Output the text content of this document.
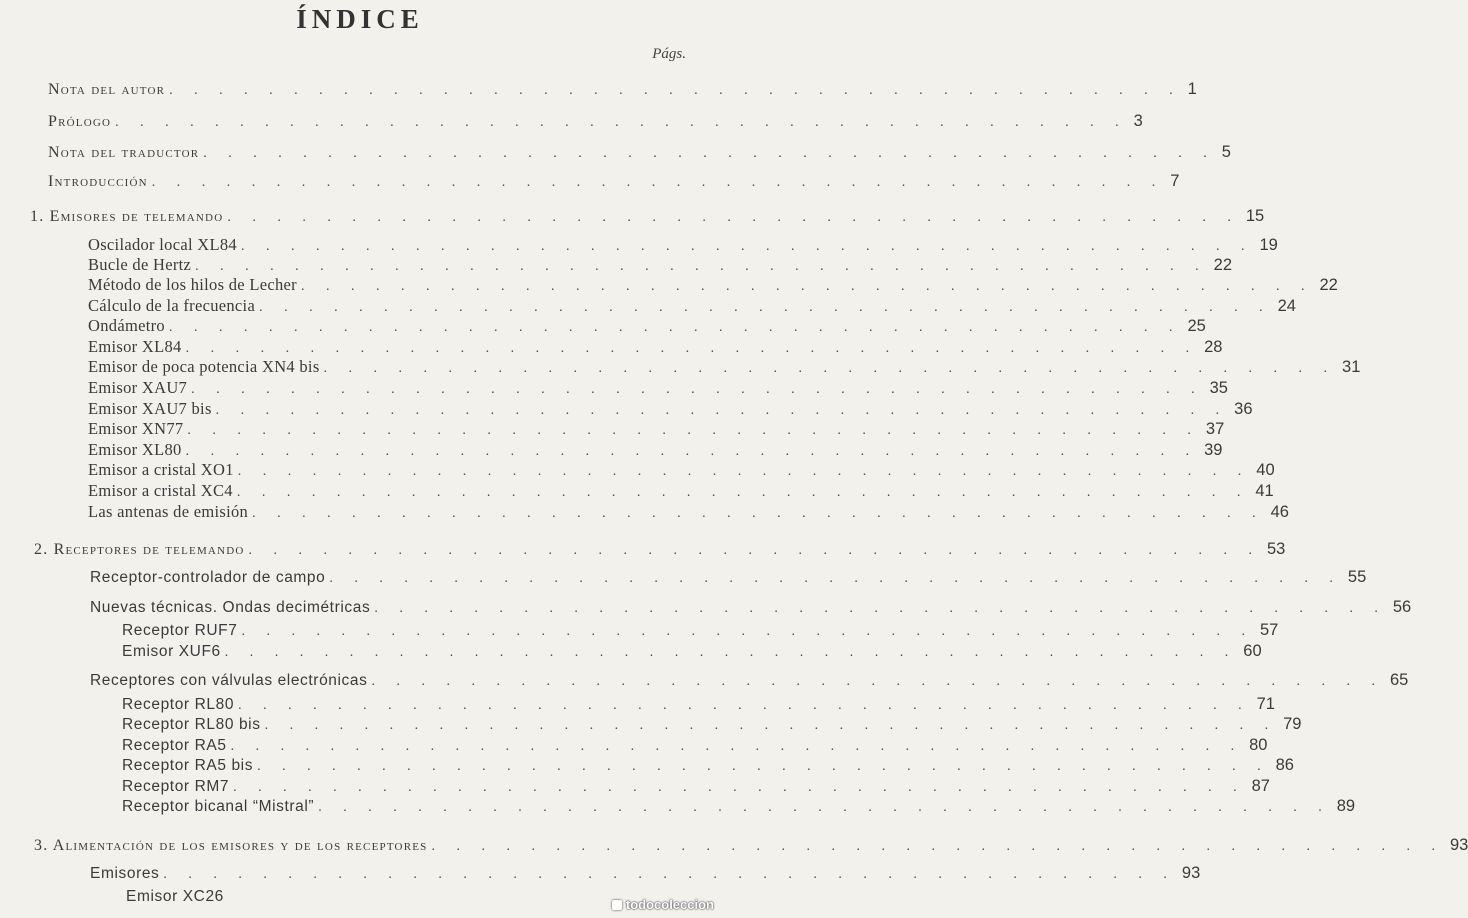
ÍNDICE
Págs.
Nota del autor . . . . . . . . . . . . . . . . . . . . . . . . . . . . . . . . . . . . . . . . . 1
Prólogo . . . . . . . . . . . . . . . . . . . . . . . . . . . . . . . . . . . . . . . . . 3
Nota del traductor . . . . . . . . . . . . . . . . . . . . . . . . . . . . . . . . . . . . . . . . . 5
Introducción . . . . . . . . . . . . . . . . . . . . . . . . . . . . . . . . . . . . . . . . . 7
1. Emisores de telemando . . . . . . . . . . . . . . . . . . . . . . . . . . . . . . . . . . . . . . . . . 15
Oscilador local XL84 . . . . . . . . . . . . . . . . . . . . . . . . . . . . . . . . . . . . . . . . . 19
Bucle de Hertz . . . . . . . . . . . . . . . . . . . . . . . . . . . . . . . . . . . . . . . . . 22
Método de los hilos de Lecher . . . . . . . . . . . . . . . . . . . . . . . . . . . . . . . . . . . . . . . . . 22
Cálculo de la frecuencia . . . . . . . . . . . . . . . . . . . . . . . . . . . . . . . . . . . . . . . . . 24
Ondámetro . . . . . . . . . . . . . . . . . . . . . . . . . . . . . . . . . . . . . . . . . 25
Emisor XL84 . . . . . . . . . . . . . . . . . . . . . . . . . . . . . . . . . . . . . . . . . 28
Emisor de poca potencia XN4 bis . . . . . . . . . . . . . . . . . . . . . . . . . . . . . . . . . . . . . . . . . 31
Emisor XAU7 . . . . . . . . . . . . . . . . . . . . . . . . . . . . . . . . . . . . . . . . . 35
Emisor XAU7 bis . . . . . . . . . . . . . . . . . . . . . . . . . . . . . . . . . . . . . . . . . 36
Emisor XN77 . . . . . . . . . . . . . . . . . . . . . . . . . . . . . . . . . . . . . . . . . 37
Emisor XL80 . . . . . . . . . . . . . . . . . . . . . . . . . . . . . . . . . . . . . . . . . 39
Emisor a cristal XO1 . . . . . . . . . . . . . . . . . . . . . . . . . . . . . . . . . . . . . . . . . 40
Emisor a cristal XC4 . . . . . . . . . . . . . . . . . . . . . . . . . . . . . . . . . . . . . . . . . 41
Las antenas de emisión . . . . . . . . . . . . . . . . . . . . . . . . . . . . . . . . . . . . . . . . . 46
2. Receptores de telemando . . . . . . . . . . . . . . . . . . . . . . . . . . . . . . . . . . . . . . . . . 53
Receptor-controlador de campo . . . . . . . . . . . . . . . . . . . . . . . . . . . . . . . . . . . . . . . . . 55
Nuevas técnicas. Ondas decimétricas . . . . . . . . . . . . . . . . . . . . . . . . . . . . . . . . . . . . . . . . . 56
Receptor RUF7 . . . . . . . . . . . . . . . . . . . . . . . . . . . . . . . . . . . . . . . . . 57
Emisor XUF6 . . . . . . . . . . . . . . . . . . . . . . . . . . . . . . . . . . . . . . . . . 60
Receptores con válvulas electrónicas . . . . . . . . . . . . . . . . . . . . . . . . . . . . . . . . . . . . . . . . . 65
Receptor RL80 . . . . . . . . . . . . . . . . . . . . . . . . . . . . . . . . . . . . . . . . . 71
Receptor RL80 bis . . . . . . . . . . . . . . . . . . . . . . . . . . . . . . . . . . . . . . . . . 79
Receptor RA5 . . . . . . . . . . . . . . . . . . . . . . . . . . . . . . . . . . . . . . . . . 80
Receptor RA5 bis . . . . . . . . . . . . . . . . . . . . . . . . . . . . . . . . . . . . . . . . . 86
Receptor RM7 . . . . . . . . . . . . . . . . . . . . . . . . . . . . . . . . . . . . . . . . . 87
Receptor bicanal “Mistral” . . . . . . . . . . . . . . . . . . . . . . . . . . . . . . . . . . . . . . . . . 89
3. Alimentación de los emisores y de los receptores . . . . . . . . . . . . . . . . . . . . . . . . . . . . . . . . . . . . . . . . . 93
Emisores . . . . . . . . . . . . . . . . . . . . . . . . . . . . . . . . . . . . . . . . . 93
Emisor XC26	todocoleccion
